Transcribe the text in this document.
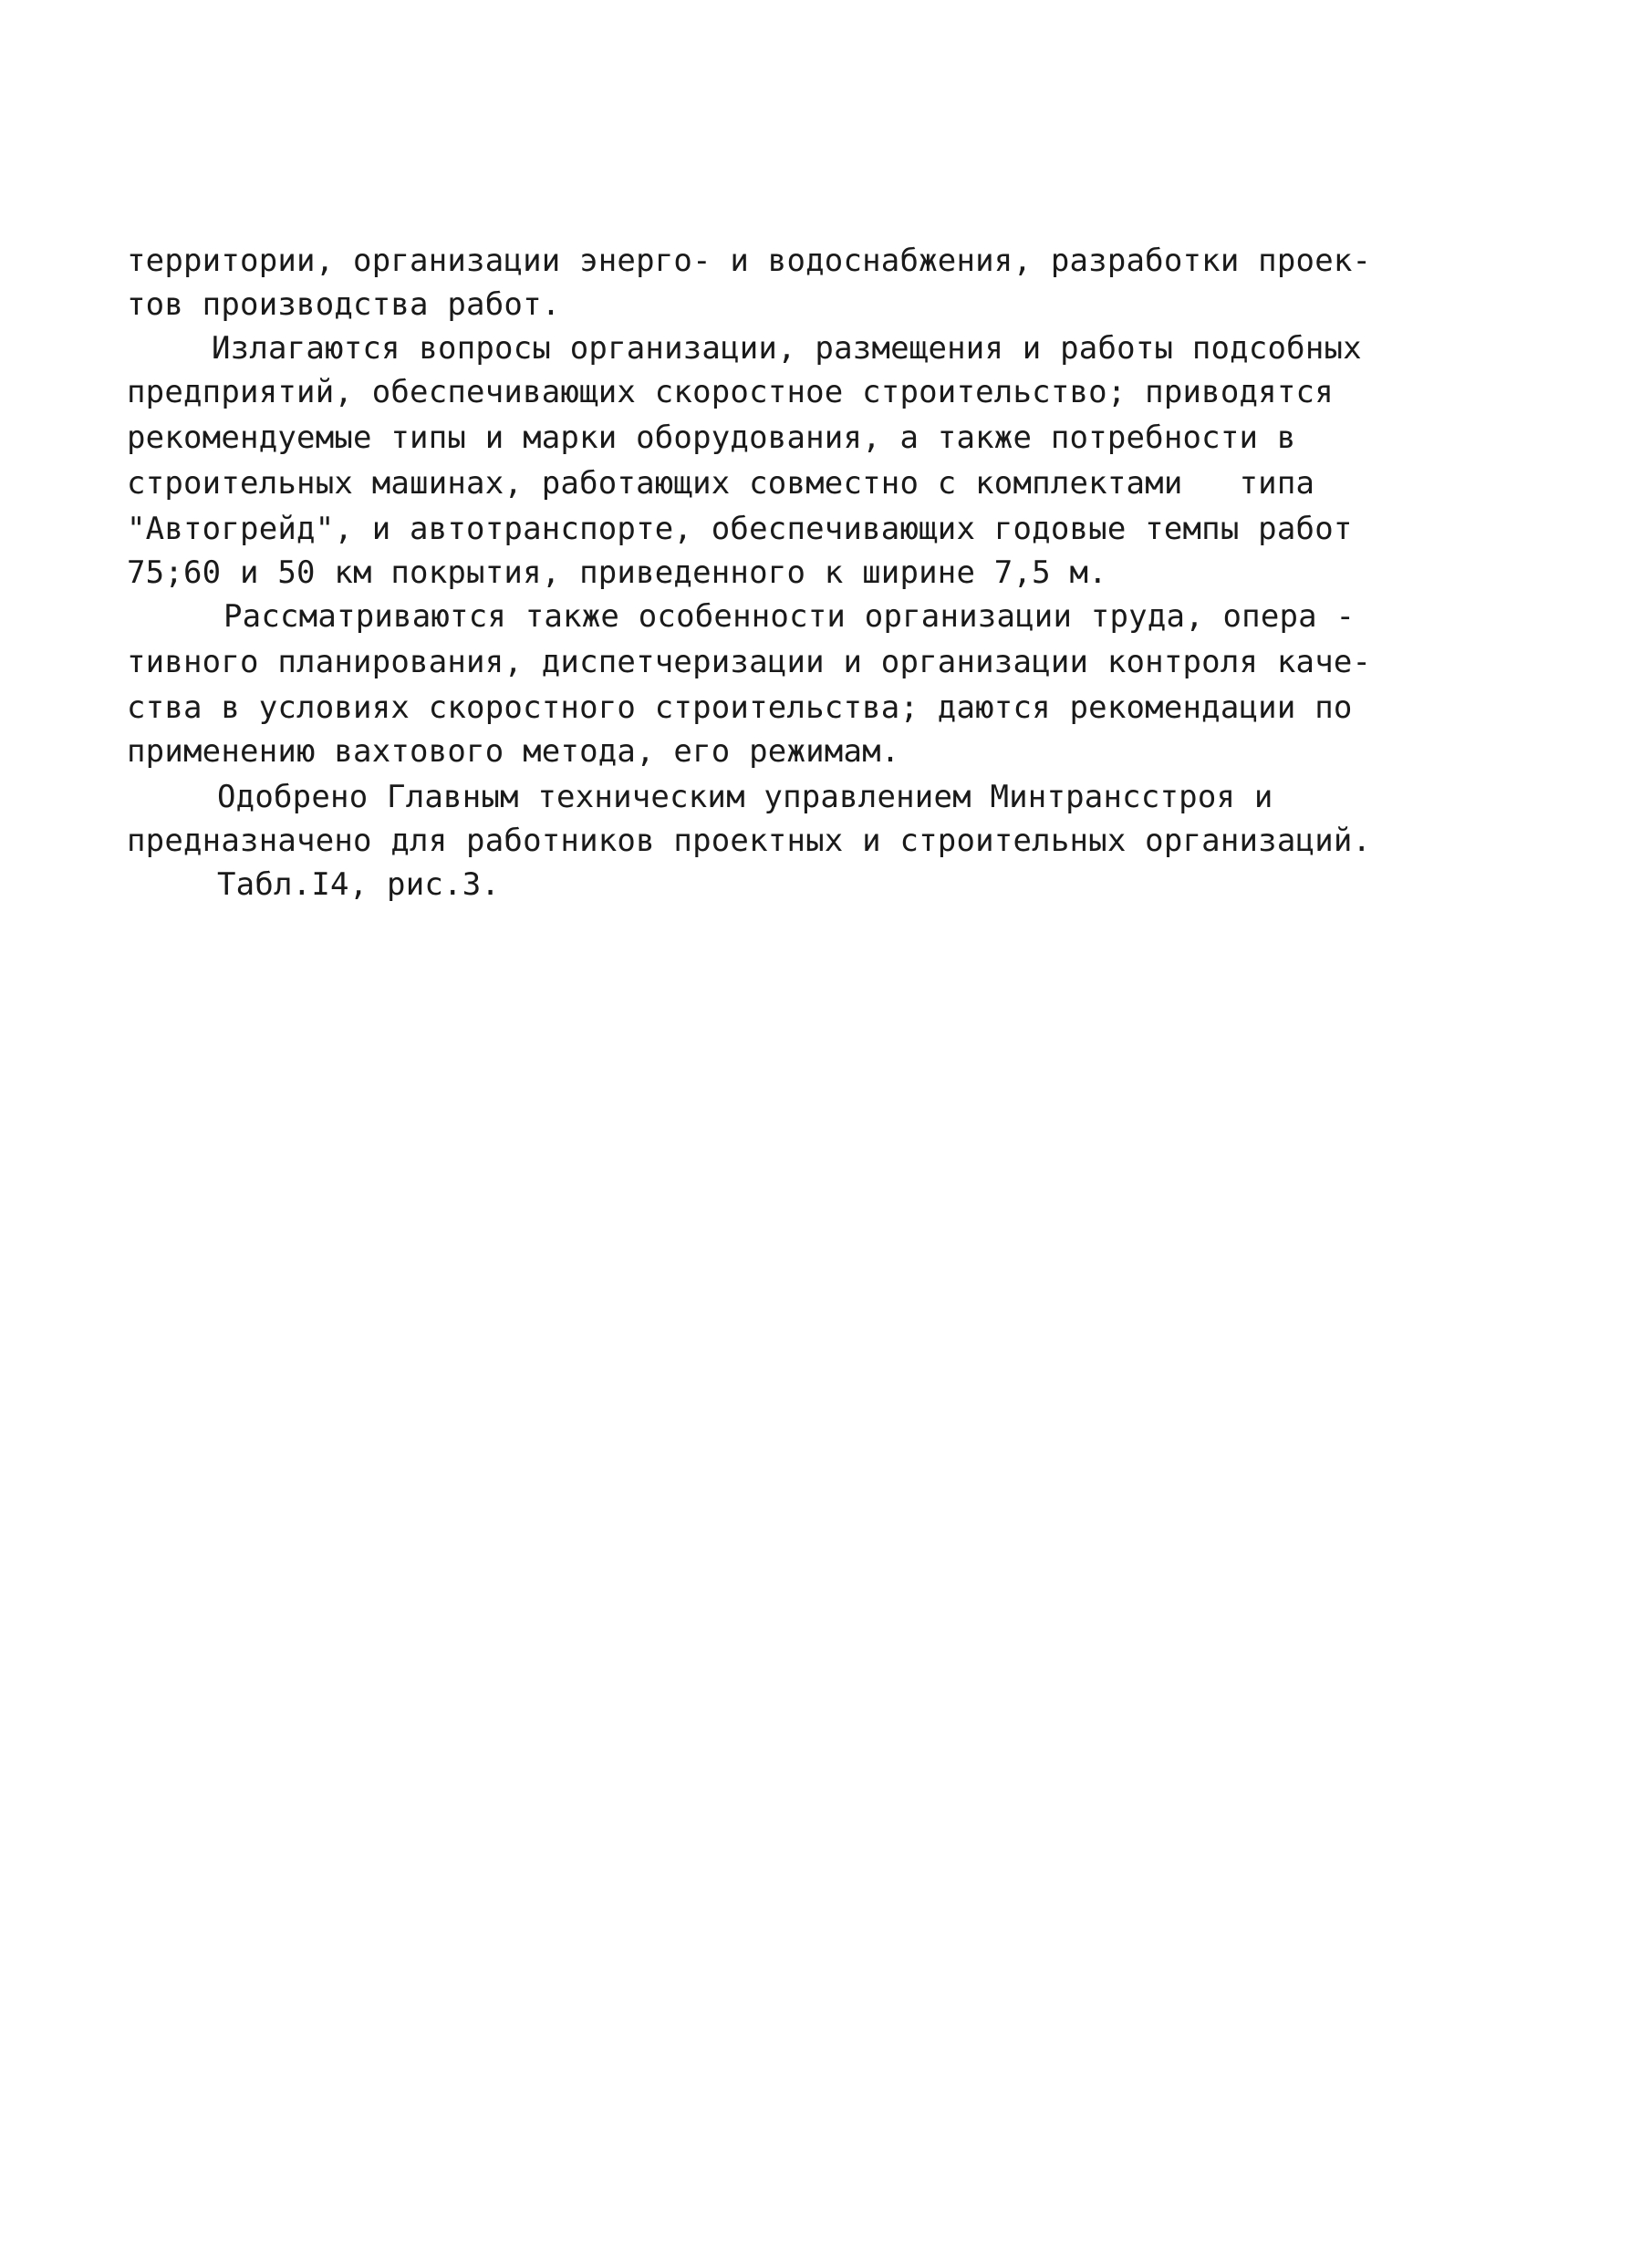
территории, организации энерго- и водоснабжения, разработки проек-
тов производства работ.
Излагаются вопросы организации, размещения и работы подсобных
предприятий, обеспечивающих скоростное строительство; приводятся
рекомендуемые типы и марки оборудования, а также потребности в
строительных машинах, работающих совместно с комплектами   типа
"Автогрейд", и автотранспорте, обеспечивающих годовые темпы работ
75;60 и 50 км покрытия, приведенного к ширине 7,5 м.
Рассматриваются также особенности организации труда, опера -
тивного планирования, диспетчеризации и организации контроля каче-
ства в условиях скоростного строительства; даются рекомендации по
применению вахтового метода, его режимам.
Одобрено Главным техническим управлением Минтрансстроя и
предназначено для работников проектных и строительных организаций.
Табл.I4, рис.3.
